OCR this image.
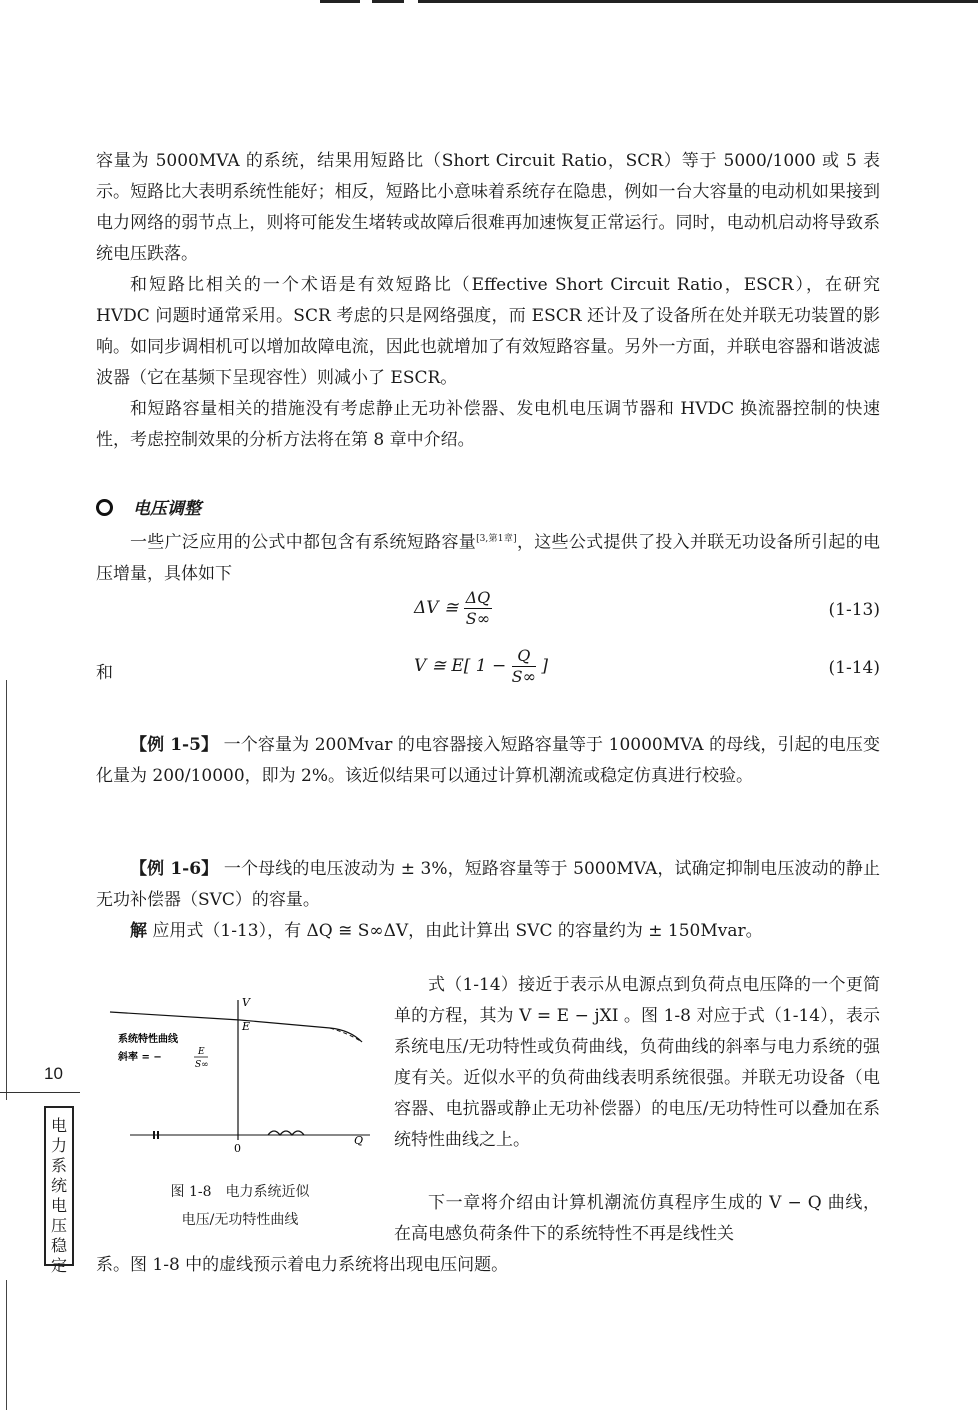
容量为 5000MVA 的系统，结果用短路比（Short Circuit Ratio，SCR）等于 5000/1000 或 5 表示。短路比大表明系统性能好；相反，短路比小意味着系统存在隐患，例如一台大容量的电动机如果接到电力网络的弱节点上，则将可能发生堵转或故障后很难再加速恢复正常运行。同时，电动机启动将导致系统电压跌落。

和短路比相关的一个术语是有效短路比（Effective Short Circuit Ratio，ESCR），在研究 HVDC 问题时通常采用。SCR 考虑的只是网络强度，而 ESCR 还计及了设备所在处并联无功装置的影响。如同步调相机可以增加故障电流，因此也就增加了有效短路容量。另外一方面，并联电容器和谐波滤波器（它在基频下呈现容性）则减小了 ESCR。

和短路容量相关的措施没有考虑静止无功补偿器、发电机电压调节器和 HVDC 换流器控制的快速性，考虑控制效果的分析方法将在第 8 章中介绍。

电压调整

一些广泛应用的公式中都包含有系统短路容量[3,第1章]，这些公式提供了投入并联无功设备所引起的电压增量，具体如下

ΔV ≅ $\frac{\Delta Q}{S\infty}$	(1-13)
和	V ≅ E[ $1 - \frac{Q}{S\infty}$ ]	(1-14)

【例 1-5】 一个容量为 200Mvar 的电容器接入短路容量等于 10000MVA 的母线，引起的电压变化量为 200/10000，即为 2%。该近似结果可以通过计算机潮流或稳定仿真进行校验。

【例 1-6】 一个母线的电压波动为 ± 3%，短路容量等于 5000MVA，试确定抑制电压波动的静止无功补偿器（SVC）的容量。

解 应用式（1-13），有 ΔQ ≅ S∞ΔV，由此计算出 SVC 的容量约为 ± 150Mvar。

V
E
0
Q
系统特性曲线
斜率 = −	E
S∞
图 1-8　电力系统近似
电压/无功特性曲线

式（1-14）接近于表示从电源点到负荷点电压降的一个更简单的方程，其为 V = E − jXI 。图 1-8 对应于式（1-14），表示系统电压/无功特性或负荷曲线，负荷曲线的斜率与电力系统的强度有关。近似水平的负荷曲线表明系统很强。并联无功设备（电容器、电抗器或静止无功补偿器）的电压/无功特性可以叠加在系统特性曲线之上。

下一章将介绍由计算机潮流仿真程序生成的 V − Q 曲线，在高电感负荷条件下的系统特性不再是线性关

系。图 1-8 中的虚线预示着电力系统将出现电压问题。

10
电
力
系
统
电
压
稳
定
